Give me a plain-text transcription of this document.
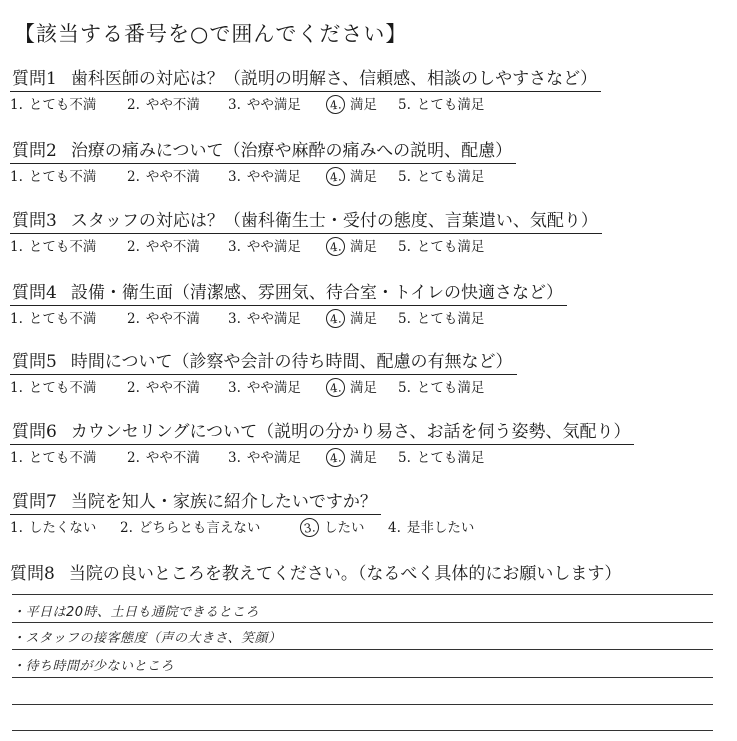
【該当する番号を○で囲んでください】
質問1 歯科医師の対応は？（説明の明解さ、信頼感、相談のしやすさなど）
1. とても不満 2. やや不満 3. やや満足	4. 満足 5. とても満足
質問2 治療の痛みについて（治療や麻酔の痛みへの説明、配慮）
1. とても不満 2. やや不満 3. やや満足	4. 満足 5. とても満足
質問3 スタッフの対応は？（歯科衛生士・受付の態度、言葉遣い、気配り）
1. とても不満 2. やや不満 3. やや満足	4. 満足 5. とても満足
質問4 設備・衛生面（清潔感、雰囲気、待合室・トイレの快適さなど）
1. とても不満 2. やや不満 3. やや満足	4. 満足 5. とても満足
質問5 時間について（診察や会計の待ち時間、配慮の有無など）
1. とても不満 2. やや不満 3. やや満足	4. 満足 5. とても満足
質問6 カウンセリングについて（説明の分かり易さ、お話を伺う姿勢、気配り）
1. とても不満 2. やや不満 3. やや満足	4. 満足 5. とても満足
質問7 当院を知人・家族に紹介したいですか？
1. したくない 2. どちらとも言えない	3. したい 4. 是非したい
質問8 当院の良いところを教えてください。（なるべく具体的にお願いします）
・平日は20時、土日も通院できるところ
・スタッフの接客態度（声の大きさ、笑顔）
・待ち時間が少ないところ
